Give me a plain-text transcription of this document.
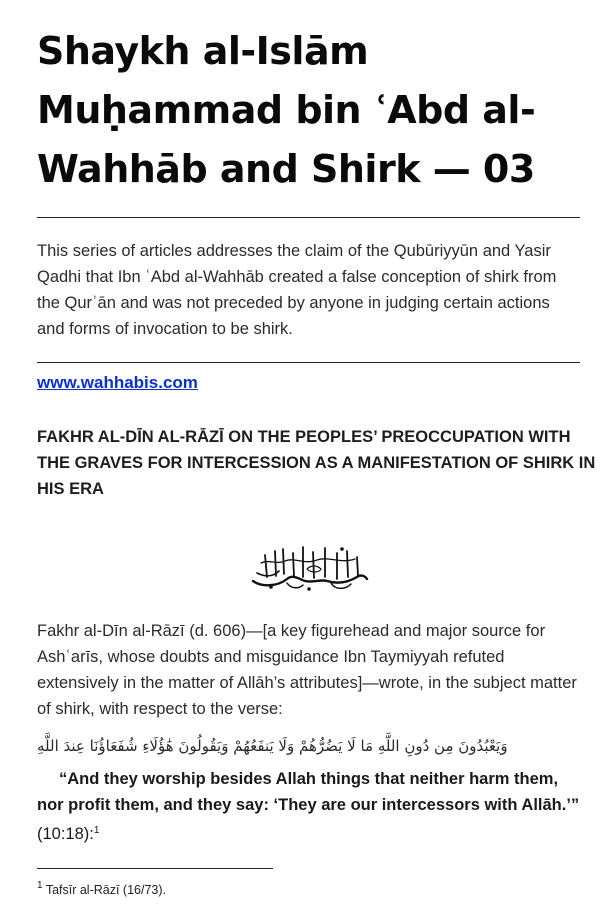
Shaykh al-Islām Muḥammad bin ʿAbd al-Wahhāb and Shirk — 03

This series of articles addresses the claim of the Qubūriyyūn and Yasir Qadhi that Ibn ʿAbd al-Wahhāb created a false conception of shirk from the Qurʾān and was not preceded by anyone in judging certain actions and forms of invocation to be shirk.

www.wahhabis.com
FAKHR AL-DĪN AL-RĀZĪ ON THE PEOPLES’ PREOCCUPATION WITH THE GRAVES FOR INTERCESSION AS A MANIFESTATION OF SHIRK IN HIS ERA

Fakhr al-Dīn al-Rāzī (d. 606)—[a key figurehead and major source for Ashʿarīs, whose doubts and misguidance Ibn Taymiyyah refuted extensively in the matter of Allāh’s attributes]—wrote, in the subject matter of shirk, with respect to the verse:

وَيَعْبُدُونَ مِن دُونِ اللَّهِ مَا لَا يَضُرُّهُمْ وَلَا يَنفَعُهُمْ وَيَقُولُونَ هَٰؤُلَاءِ شُفَعَاؤُنَا عِندَ اللَّهِ

“And they worship besides Allah things that neither harm them, nor profit them, and they say: ‘They are our intercessors with Allāh.’” (10:18):$^1$

$^1$ Tafsīr al-Rāzī (16/73).
